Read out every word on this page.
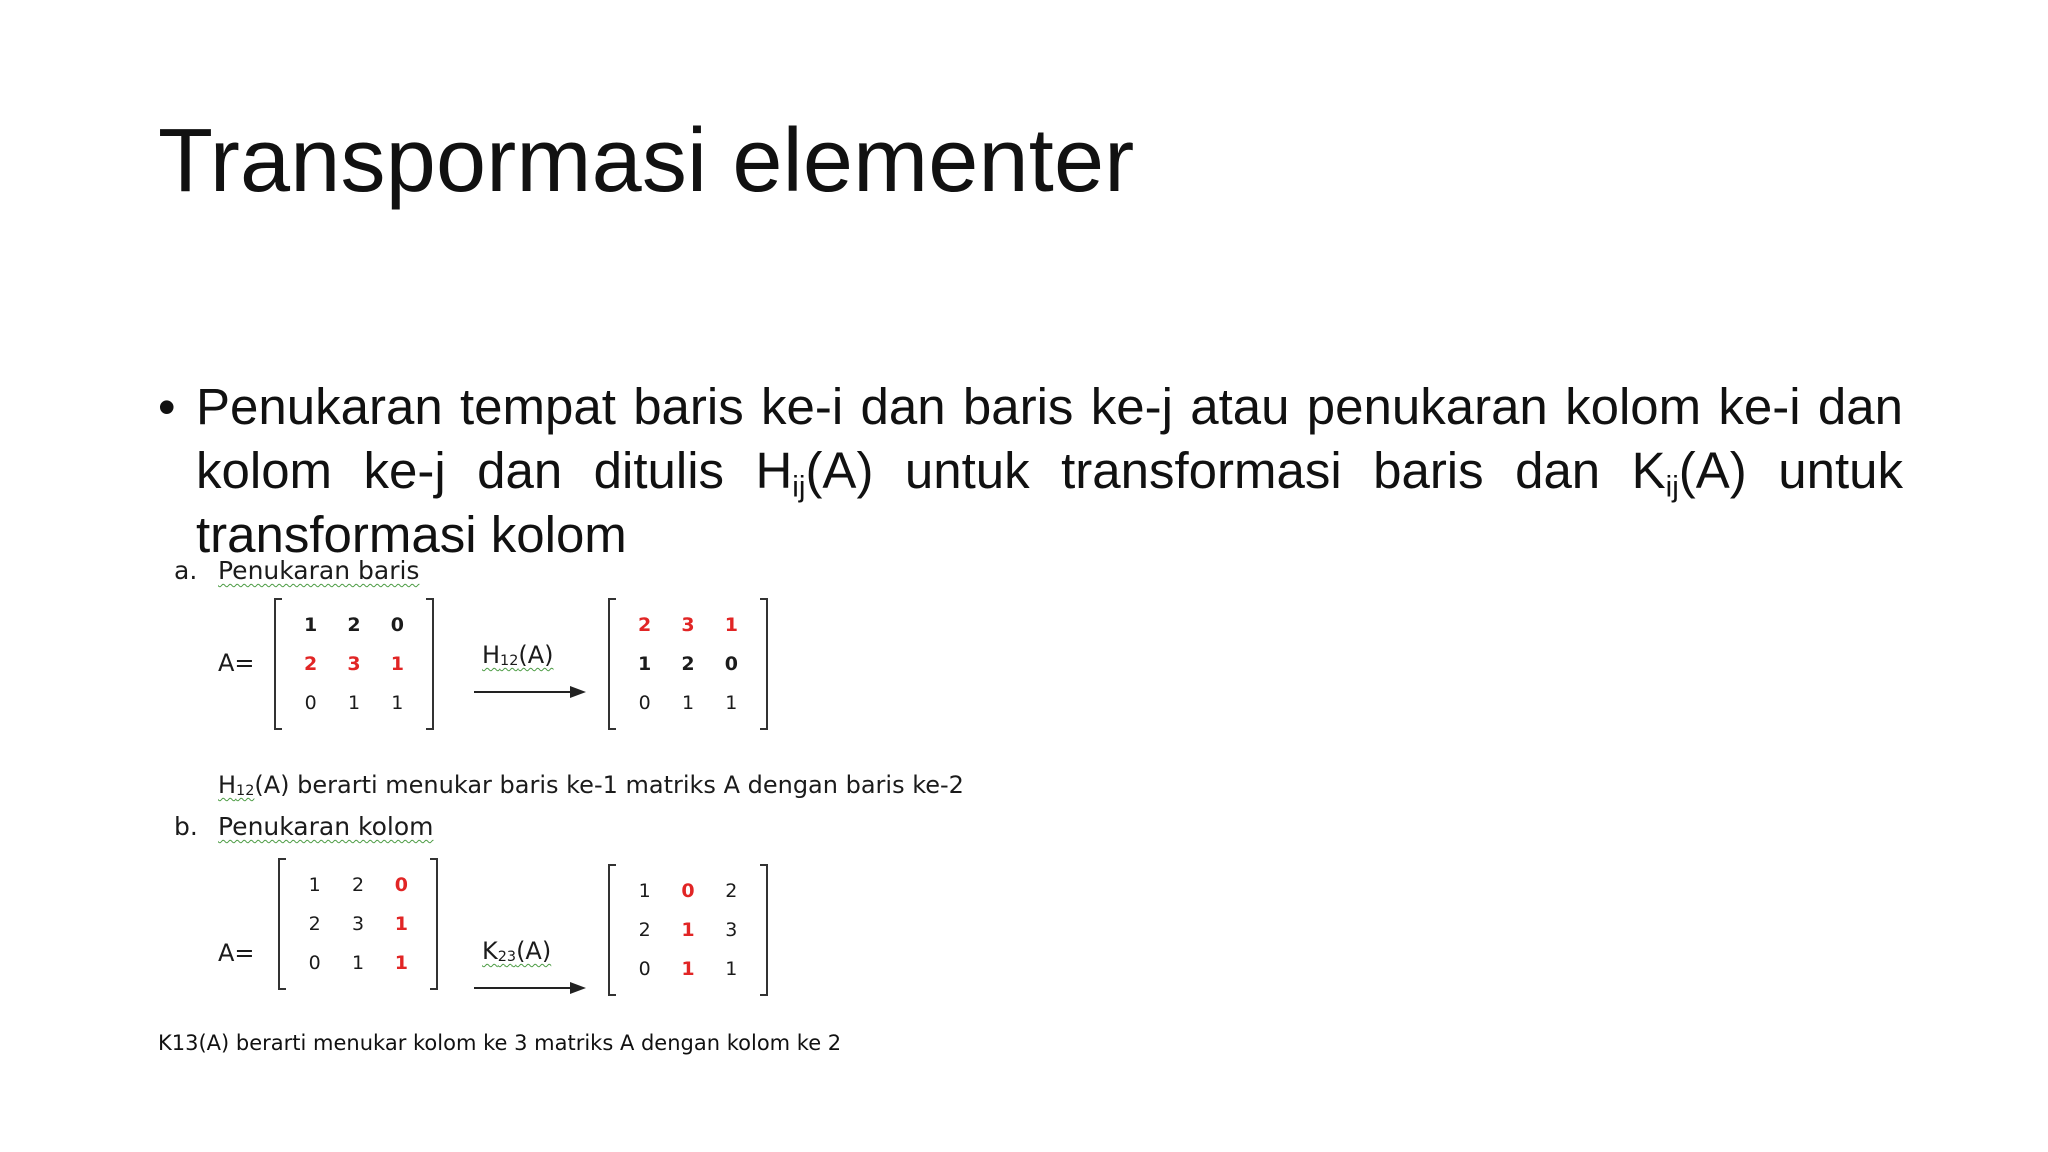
Transpormasi elementer
• Penukaran tempat baris ke-i dan baris ke-j atau penukaran kolom ke-i dan kolom ke-j dan ditulis $H_{ij}(A)$ untuk transformasi baris dan $K_{ij}(A)$ untuk transformasi kolom
a. Penukaran baris
A=
1 2 0
2 3 1
0 1 1
$H_{12}(A)$
2 3 1
1 2 0
0 1 1
$H_{12}(A)$ berarti menukar baris ke-1 matriks A dengan baris ke-2
b. Penukaran kolom
A=
1 2 0
2 3 1
0 1 1	$K_{23}(A)$
1 0 2
2 1 3
0 1 1
K13(A) berarti menukar kolom ke 3 matriks A dengan kolom ke 2
